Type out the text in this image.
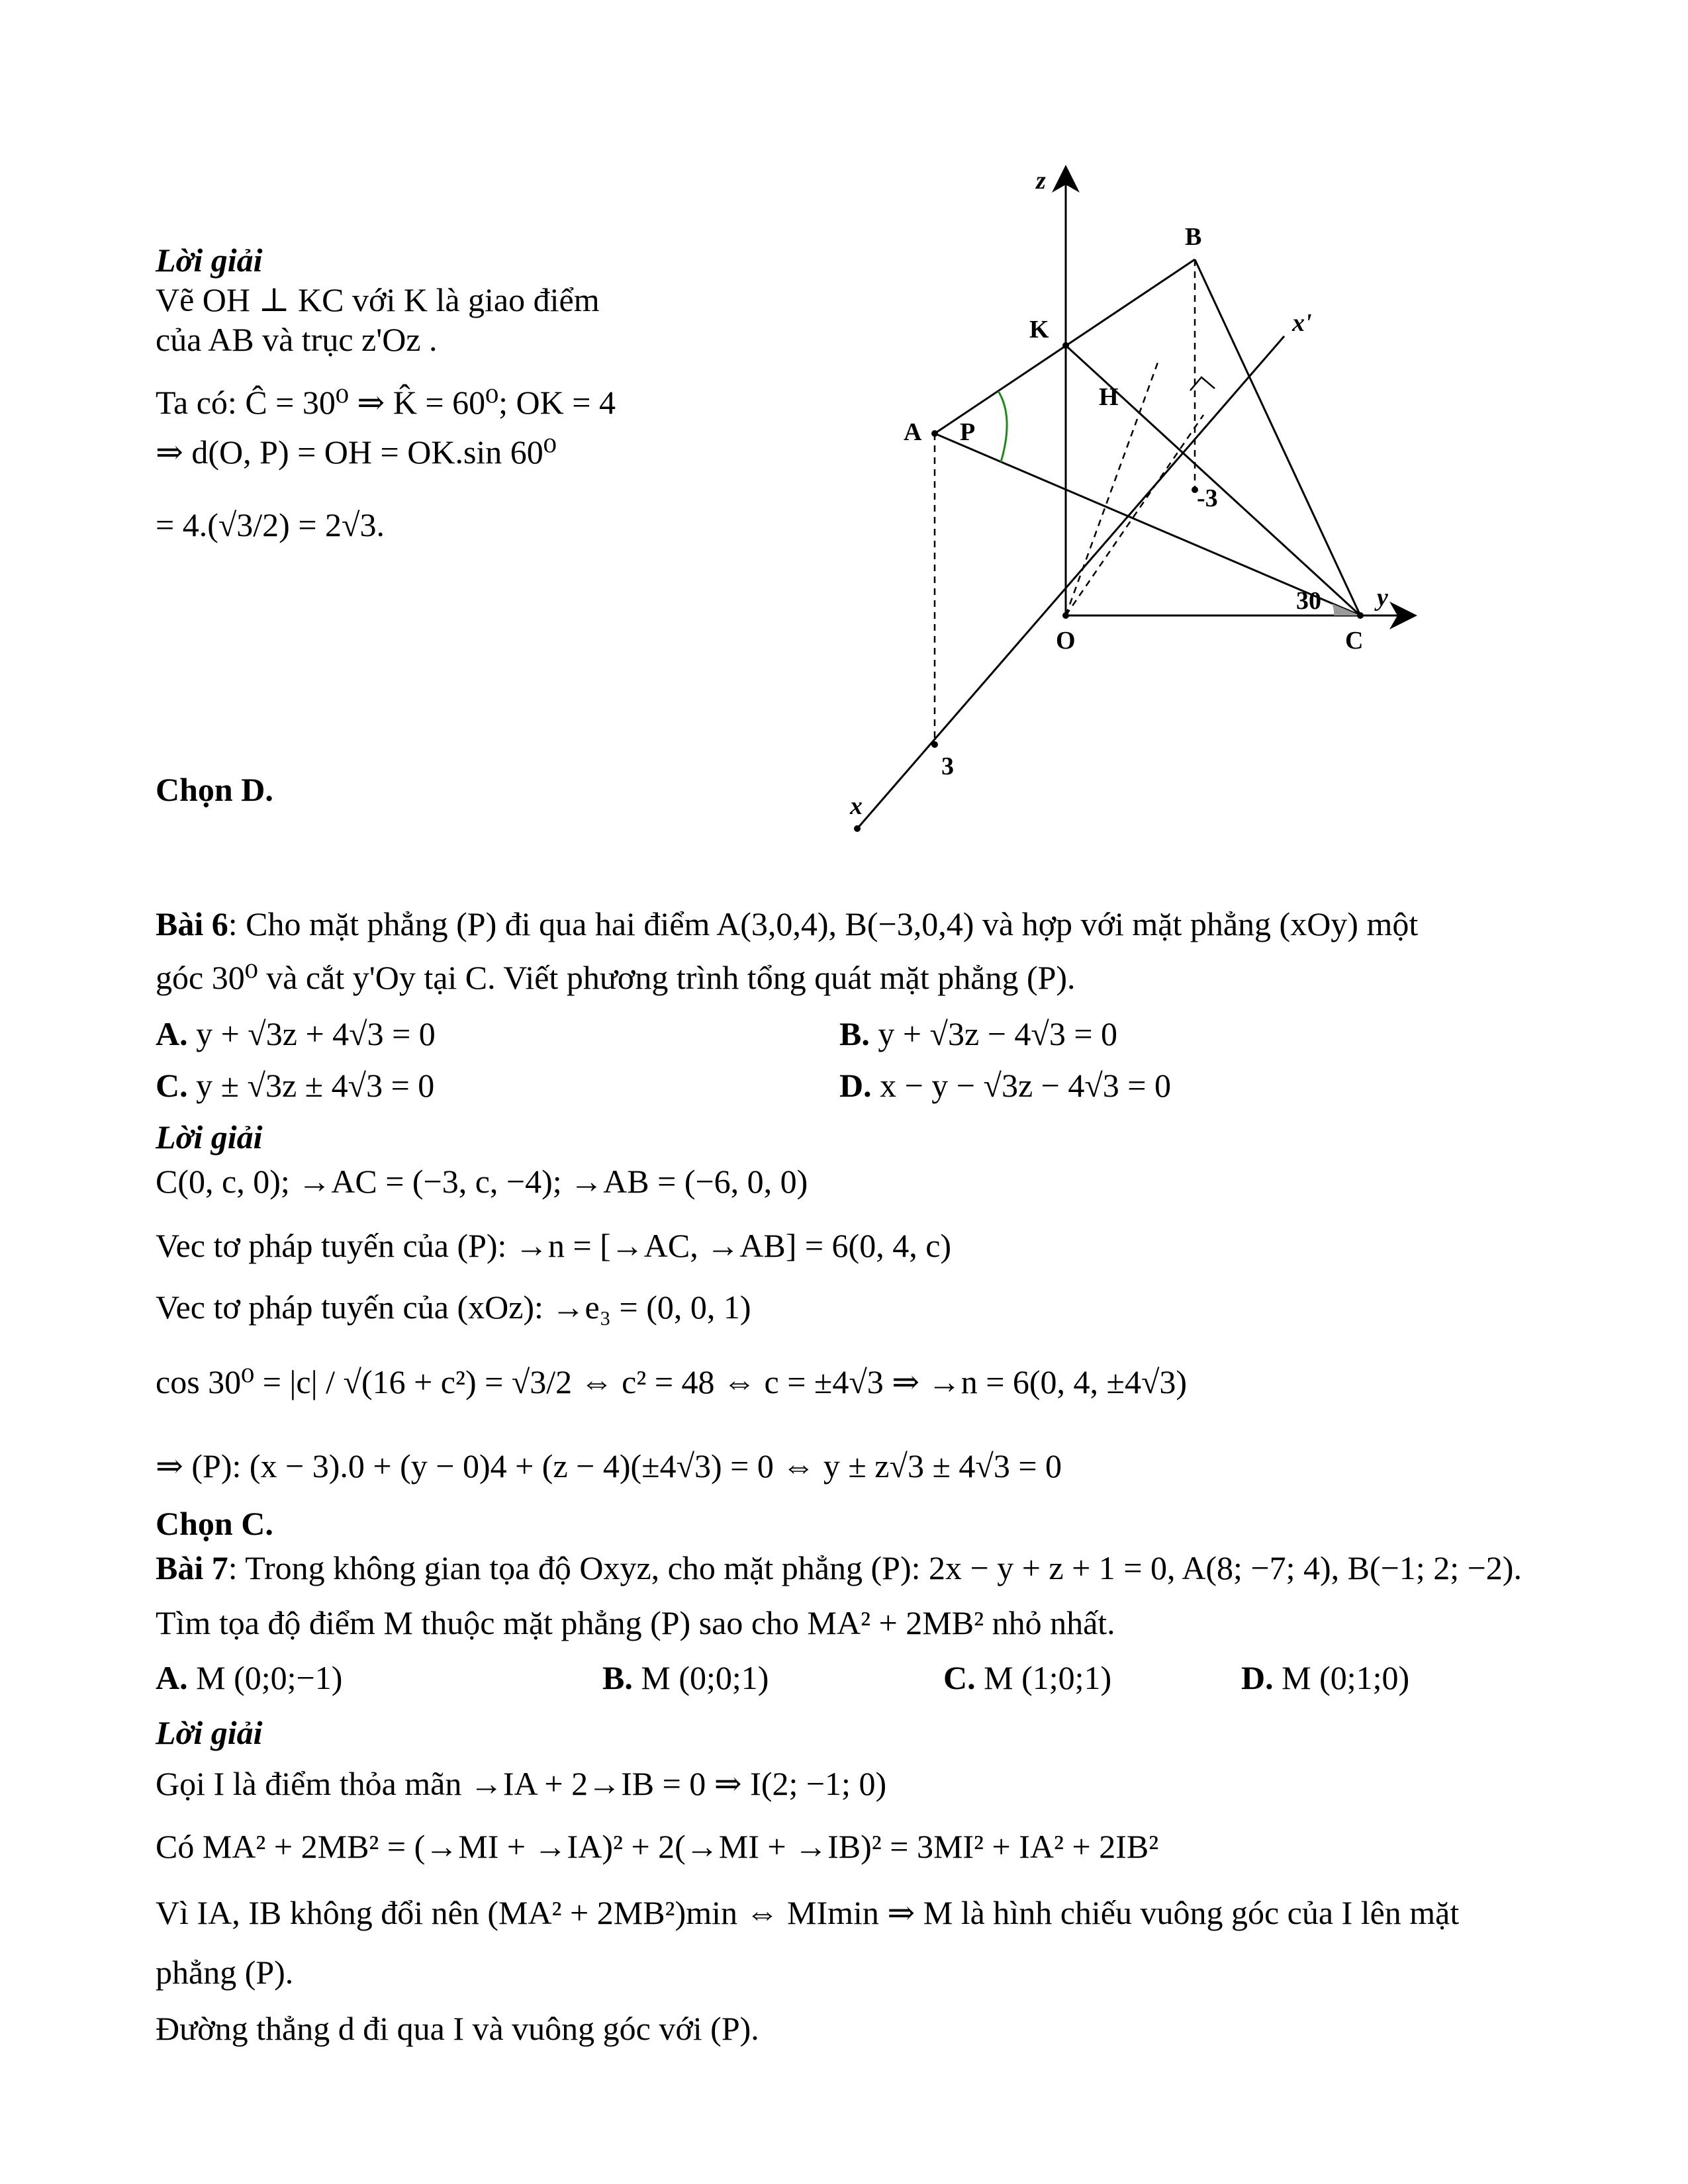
Lời giải
Vẽ OH ⊥ KC với K là giao điểm
của AB và trục z'Oz .
Ta có: Ĉ = 30⁰ ⇒ K̂ = 60⁰; OK = 4
⇒ d(O, P) = OH = OK.sin 60⁰
= 4.(√3/2) = 2√3.
Chọn D.
z
B
K	x'
H
A P
-3
30 y
O	C
3
x
Bài 6: Cho mặt phẳng (P) đi qua hai điểm A(3,0,4), B(−3,0,4) và hợp với mặt phẳng (xOy) một
góc 30⁰ và cắt y'Oy tại C. Viết phương trình tổng quát mặt phẳng (P).
A. y + √3z + 4√3 = 0	B. y + √3z − 4√3 = 0
C. y ± √3z ± 4√3 = 0	D. x − y − √3z − 4√3 = 0
Lời giải
C(0, c, 0); →AC = (−3, c, −4); →AB = (−6, 0, 0)
Vec tơ pháp tuyến của (P): →n = [→AC, →AB] = 6(0, 4, c)
Vec tơ pháp tuyến của (xOz): →e₃ = (0, 0, 1)
cos 30⁰ = |c| / √(16 + c²) = √3/2 ⇔ c² = 48 ⇔ c = ±4√3 ⇒ →n = 6(0, 4, ±4√3)
⇒ (P): (x − 3).0 + (y − 0)4 + (z − 4)(±4√3) = 0 ⇔ y ± z√3 ± 4√3 = 0
Chọn C.
Bài 7: Trong không gian tọa độ Oxyz, cho mặt phẳng (P): 2x − y + z + 1 = 0, A(8; −7; 4), B(−1; 2; −2).
Tìm tọa độ điểm M thuộc mặt phẳng (P) sao cho MA² + 2MB² nhỏ nhất.
A. M (0;0;−1)	B. M (0;0;1)	C. M (1;0;1)	D. M (0;1;0)
Lời giải
Gọi I là điểm thỏa mãn →IA + 2→IB = 0 ⇒ I(2; −1; 0)
Có MA² + 2MB² = (→MI + →IA)² + 2(→MI + →IB)² = 3MI² + IA² + 2IB²
Vì IA, IB không đổi nên (MA² + 2MB²)min ⇔ MImin ⇒ M là hình chiếu vuông góc của I lên mặt
phẳng (P).
Đường thẳng d đi qua I và vuông góc với (P).
